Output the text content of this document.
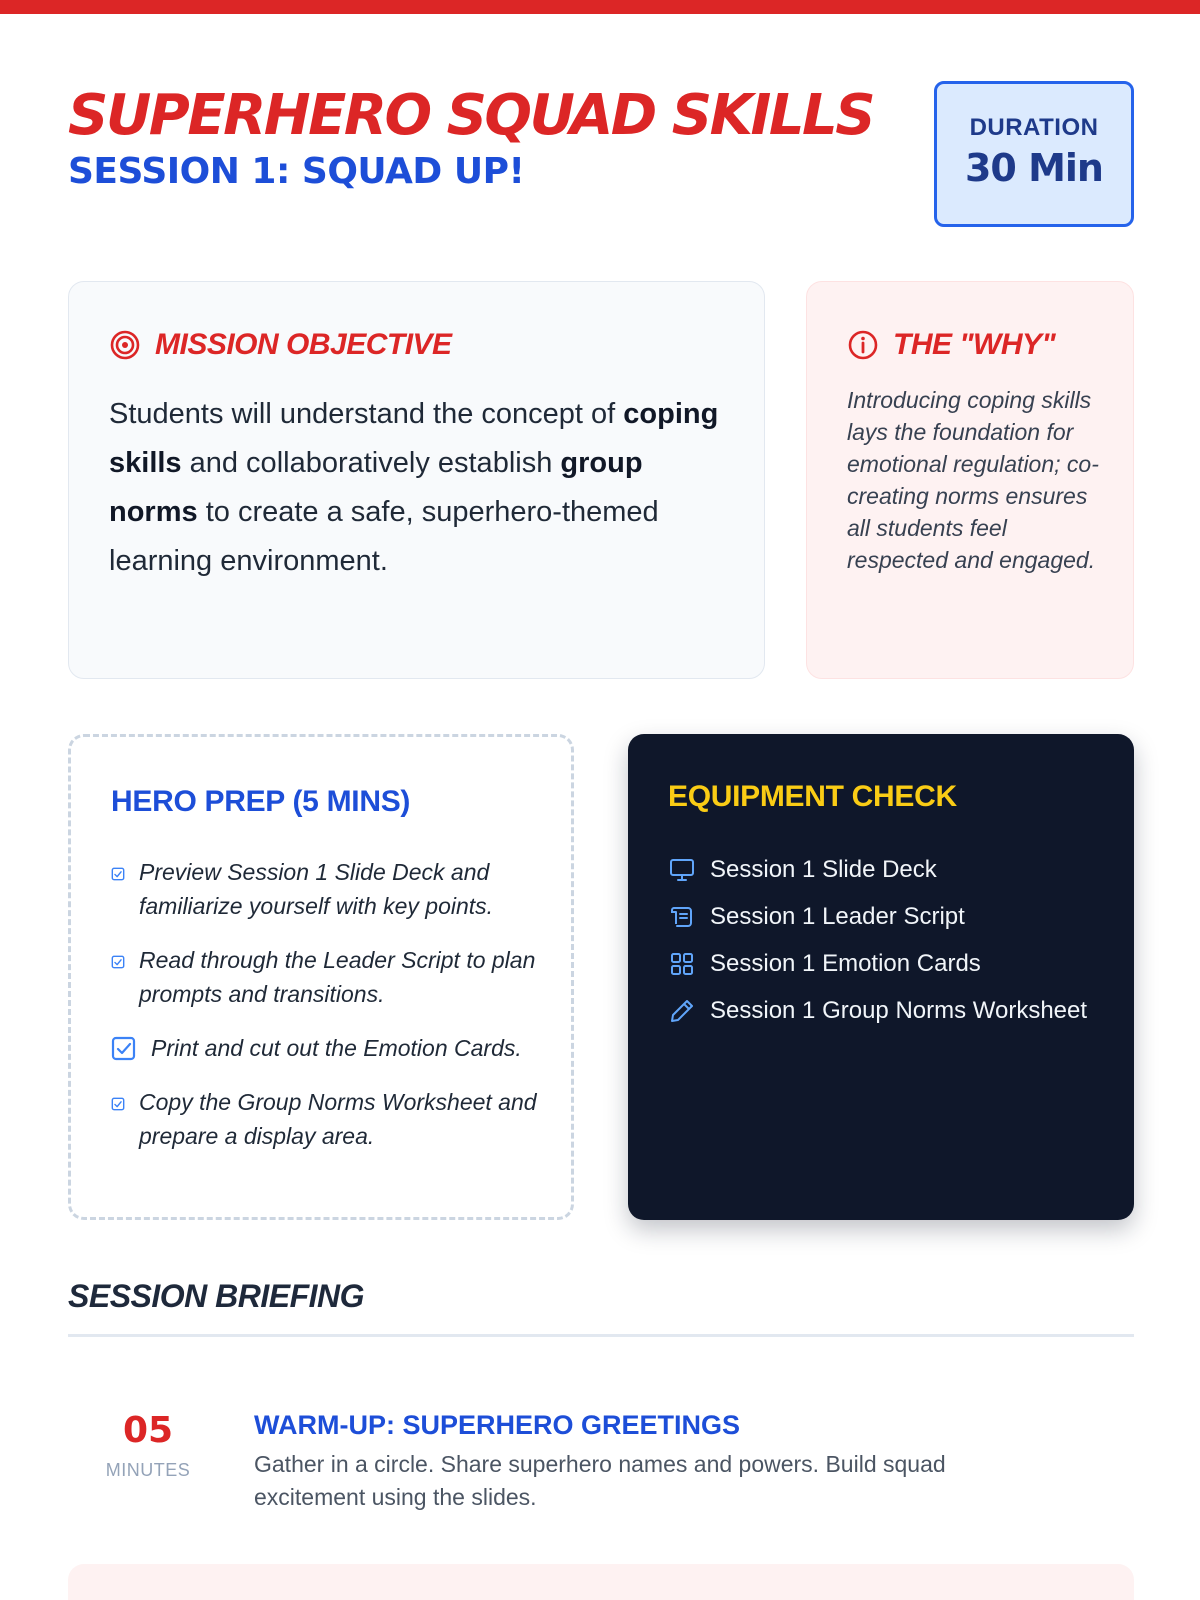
SUPERHERO SQUAD SKILLS
SESSION 1: SQUAD UP!
DURATION
30 Min
MISSION OBJECTIVE

Students will understand the concept of coping skills and collaboratively establish group norms to create a safe, superhero-themed learning environment.

THE "WHY"

Introducing coping skills lays the foundation for emotional regulation; co-creating norms ensures all students feel respected and engaged.

HERO PREP (5 MINS)
Preview Session 1 Slide Deck and familiarize yourself with key points.
Read through the Leader Script to plan prompts and transitions.
Print and cut out the Emotion Cards.
Copy the Group Norms Worksheet and prepare a display area.
EQUIPMENT CHECK
Session 1 Slide Deck
Session 1 Leader Script
Session 1 Emotion Cards
Session 1 Group Norms Worksheet
SESSION BRIEFING
05
MINUTES
WARM-UP: SUPERHERO GREETINGS
Gather in a circle. Share superhero names and powers. Build squad excitement using the slides.
